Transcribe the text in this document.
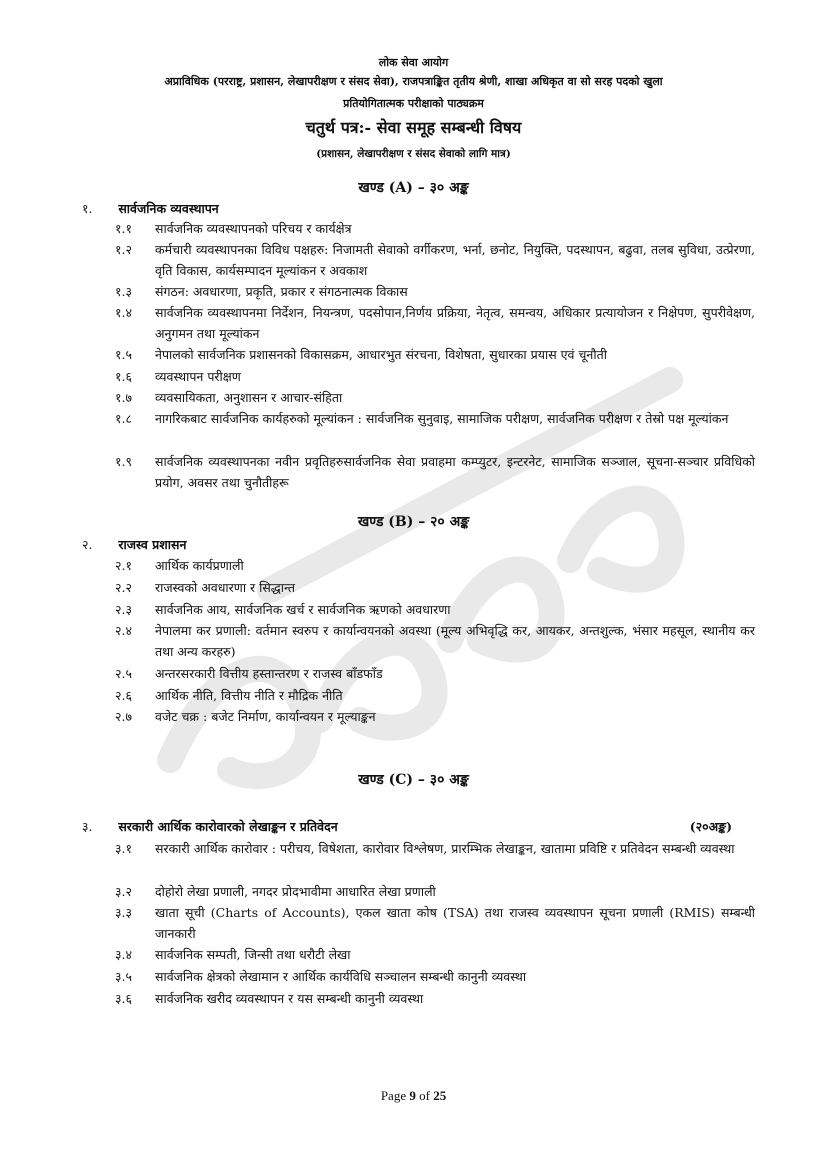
लोक सेवा आयोग
अप्राविधिक (परराष्ट्र, प्रशासन, लेखापरीक्षण र संसद सेवा), राजपत्राङ्कित तृतीय श्रेणी, शाखा अधिकृत वा सो सरह पदको खुला
प्रतियोगितात्मक परीक्षाको पाठ्यक्रम
चतुर्थ पत्र:- सेवा समूह सम्बन्धी विषय
(प्रशासन, लेखापरीक्षण र संसद सेवाको लागि मात्र)
खण्ड (A) – ३० अङ्क
१. सार्वजनिक व्यवस्थापन
१.१	सार्वजनिक व्यवस्थापनको परिचय र कार्यक्षेत्र
१.२	कर्मचारी व्यवस्थापनका विविध पक्षहरु: निजामती सेवाको वर्गीकरण, भर्ना, छनोट, नियुक्ति, पदस्थापन, बढुवा, तलब सुविधा, उत्प्रेरणा, वृति विकास, कार्यसम्पादन मूल्यांकन र अवकाश
१.३	संगठन: अवधारणा, प्रकृति, प्रकार र संगठनात्मक विकास
१.४	सार्वजनिक व्यवस्थापनमा निर्देशन, नियन्त्रण, पदसोपान,निर्णय प्रक्रिया, नेतृत्व, समन्वय, अधिकार प्रत्यायोजन र निक्षेपण, सुपरीवेक्षण, अनुगमन तथा मूल्यांकन
१.५	नेपालको सार्वजनिक प्रशासनको विकासक्रम, आधारभुत संरचना, विशेषता, सुधारका प्रयास एवं चूनौती
१.६	व्यवस्थापन परीक्षण
१.७	व्यवसायिकता, अनुशासन र आचार-संहिता
१.८	नागरिकबाट सार्वजनिक कार्यहरुको मूल्यांकन : सार्वजनिक सुनुवाइ, सामाजिक परीक्षण, सार्वजनिक परीक्षण र तेस्रो पक्ष मूल्यांकन
१.९	सार्वजनिक व्यवस्थापनका नवीन प्रवृतिहरुसार्वजनिक सेवा प्रवाहमा कम्प्युटर, इन्टरनेट, सामाजिक सञ्जाल, सूचना-सञ्चार प्रविधिको प्रयोग, अवसर तथा चुनौतीहरू
खण्ड (B) – २० अङ्क
२. राजस्व प्रशासन
२.१	आर्थिक कार्यप्रणाली
२.२	राजस्वको अवधारणा र सिद्धान्त
२.३	सार्वजनिक आय, सार्वजनिक खर्च र सार्वजनिक ऋणको अवधारणा
२.४	नेपालमा कर प्रणाली: वर्तमान स्वरुप र कार्यान्वयनको अवस्था (मूल्य अभिवृद्धि कर, आयकर, अन्तशुल्क, भंसार महसूल, स्थानीय कर तथा अन्य करहरु)
२.५	अन्तरसरकारी वित्तीय हस्तान्तरण र राजस्व बाँडफाँड
२.६	आर्थिक नीति, वित्तीय नीति र मौद्रिक नीति
२.७	वजेट चक्र : बजेट निर्माण, कार्यान्वयन र मूल्याङ्कन
खण्ड (C) – ३० अङ्क
३. सरकारी आर्थिक कारोवारको लेखाङ्कन र प्रतिवेदन	(२०अङ्क)
३.१	सरकारी आर्थिक कारोवार : परीचय, विषेशता, कारोवार विश्लेषण, प्रारम्भिक लेखाङ्कन, खातामा प्रविष्टि र प्रतिवेदन सम्बन्धी व्यवस्था
३.२	दोहोरो लेखा प्रणाली, नगदर प्रोदभावीमा आधारित लेखा प्रणाली
३.३	खाता सूची (Charts of Accounts), एकल खाता कोष (TSA) तथा राजस्व व्यवस्थापन सूचना प्रणाली (RMIS) सम्बन्धी जानकारी
३.४	सार्वजनिक सम्पती, जिन्सी तथा धरौटी लेखा
३.५	सार्वजनिक क्षेत्रको लेखामान र आर्थिक कार्यविधि सञ्चालन सम्बन्धी कानुनी व्यवस्था
३.६	सार्वजनिक खरीद व्यवस्थापन र यस सम्बन्धी कानुनी व्यवस्था
Page 9 of 25
